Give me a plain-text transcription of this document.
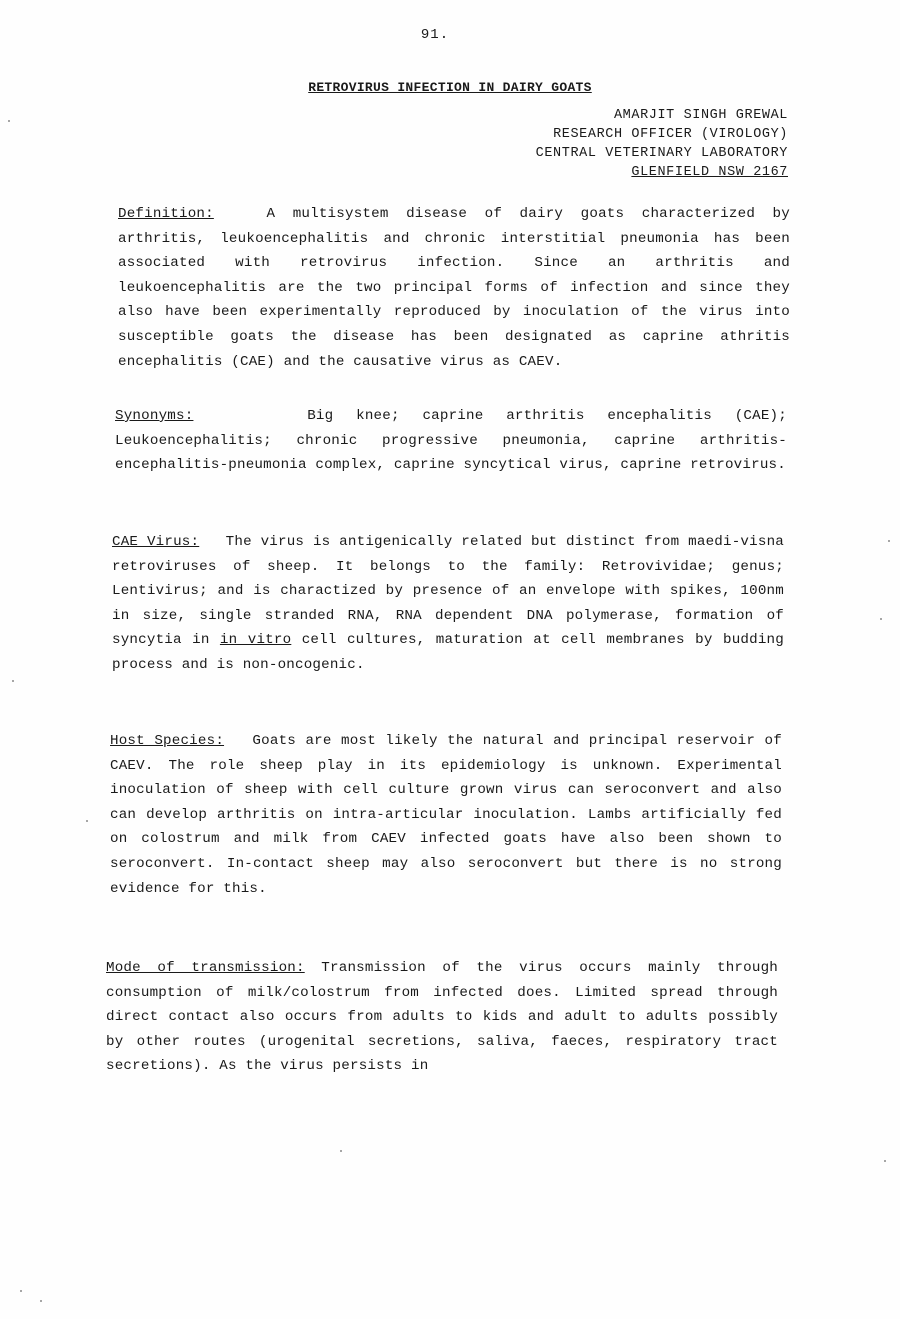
91.
RETROVIRUS INFECTION IN DAIRY GOATS
AMARJIT SINGH GREWAL
RESEARCH OFFICER (VIROLOGY)
CENTRAL VETERINARY LABORATORY
GLENFIELD NSW 2167
Definition:	A multisystem disease of dairy goats characterized by arthritis, leukoencephalitis and chronic interstitial pneumonia has been associated with retrovirus infection. Since an arthritis and leukoencephalitis are the two principal forms of infection and since they also have been experimentally reproduced by inoculation of the virus into susceptible goats the disease has been designated as caprine athritis encephalitis (CAE) and the causative virus as CAEV.
Synonyms:	Big knee; caprine arthritis encephalitis (CAE); Leukoencephalitis; chronic progressive pneumonia, caprine arthritis-encephalitis-pneumonia complex, caprine syncytical virus, caprine retrovirus.
CAE Virus: The virus is antigenically related but distinct from maedi-visna retroviruses of sheep. It belongs to the family: Retrovividae; genus; Lentivirus; and is charactized by presence of an envelope with spikes, 100nm in size, single stranded RNA, RNA dependent DNA polymerase, formation of syncytia in in vitro cell cultures, maturation at cell membranes by budding process and is non-oncogenic.
Host Species: Goats are most likely the natural and principal reservoir of CAEV. The role sheep play in its epidemiology is unknown. Experimental inoculation of sheep with cell culture grown virus can seroconvert and also can develop arthritis on intra-articular inoculation. Lambs artificially fed on colostrum and milk from CAEV infected goats have also been shown to seroconvert. In-contact sheep may also seroconvert but there is no strong evidence for this.
Mode of transmission: Transmission of the virus occurs mainly through consumption of milk/colostrum from infected does. Limited spread through direct contact also occurs from adults to kids and adult to adults possibly by other routes (urogenital secretions, saliva, faeces, respiratory tract secretions). As the virus persists in
